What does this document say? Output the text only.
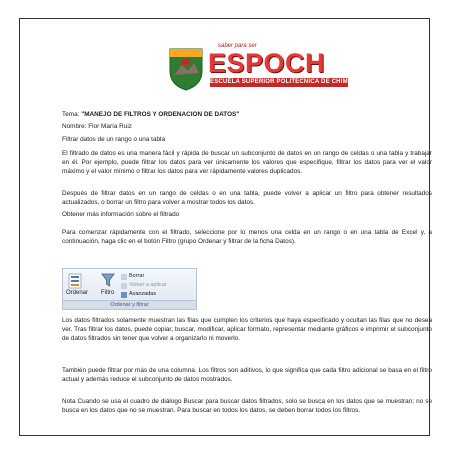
saber para ser
ESPOCH
ESCUELA SUPERIOR POLITECNICA DE CHIMBORAZO

Tema: "MANEJO DE FILTROS Y ORDENACION DE DATOS"

Nombre: Flor María Ruiz

Filtrar datos de un rango o una tabla

El filtrado de datos es una manera fácil y rápida de buscar un subconjunto de datos en un rango de celdas o una tabla y trabajar en él. Por ejemplo, puede filtrar los datos para ver únicamente los valores que especifique, filtrar los datos para ver el valor máximo y el valor mínimo o filtrar los datos para ver rápidamente valores duplicados.

Después de filtrar datos en un rango de celdas o en una tabla, puede volver a aplicar un filtro para obtener resultados actualizados, o borrar un filtro para volver a mostrar todos los datos.

Obtener más información sobre el filtrado

Para comenzar rápidamente con el filtrado, seleccione por lo menos una celda en un rango o en una tabla de Excel y, a continuación, haga clic en el botón Filtro (grupo Ordenar y filtrar de la ficha Datos).

Ordenar Filtro
Borrar
Volver a aplicar
Avanzadas
Ordenar y filtrar

Los datos filtrados solamente muestran las filas que cumplen los criterios que haya especificado y ocultan las filas que no desea ver. Tras filtrar los datos, puede copiar, buscar, modificar, aplicar formato, representar mediante gráficos e imprimir el subconjunto de datos filtrados sin tener que volver a organizarlo ni moverlo.

También puede filtrar por más de una columna. Los filtros son aditivos, lo que significa que cada filtro adicional se basa en el filtro actual y además reduce el subconjunto de datos mostrados.

Nota Cuando se usa el cuadro de diálogo Buscar para buscar datos filtrados, solo se busca en los datos que se muestran; no se busca en los datos que no se muestran. Para buscar en todos los datos, se deben borrar todos los filtros.
